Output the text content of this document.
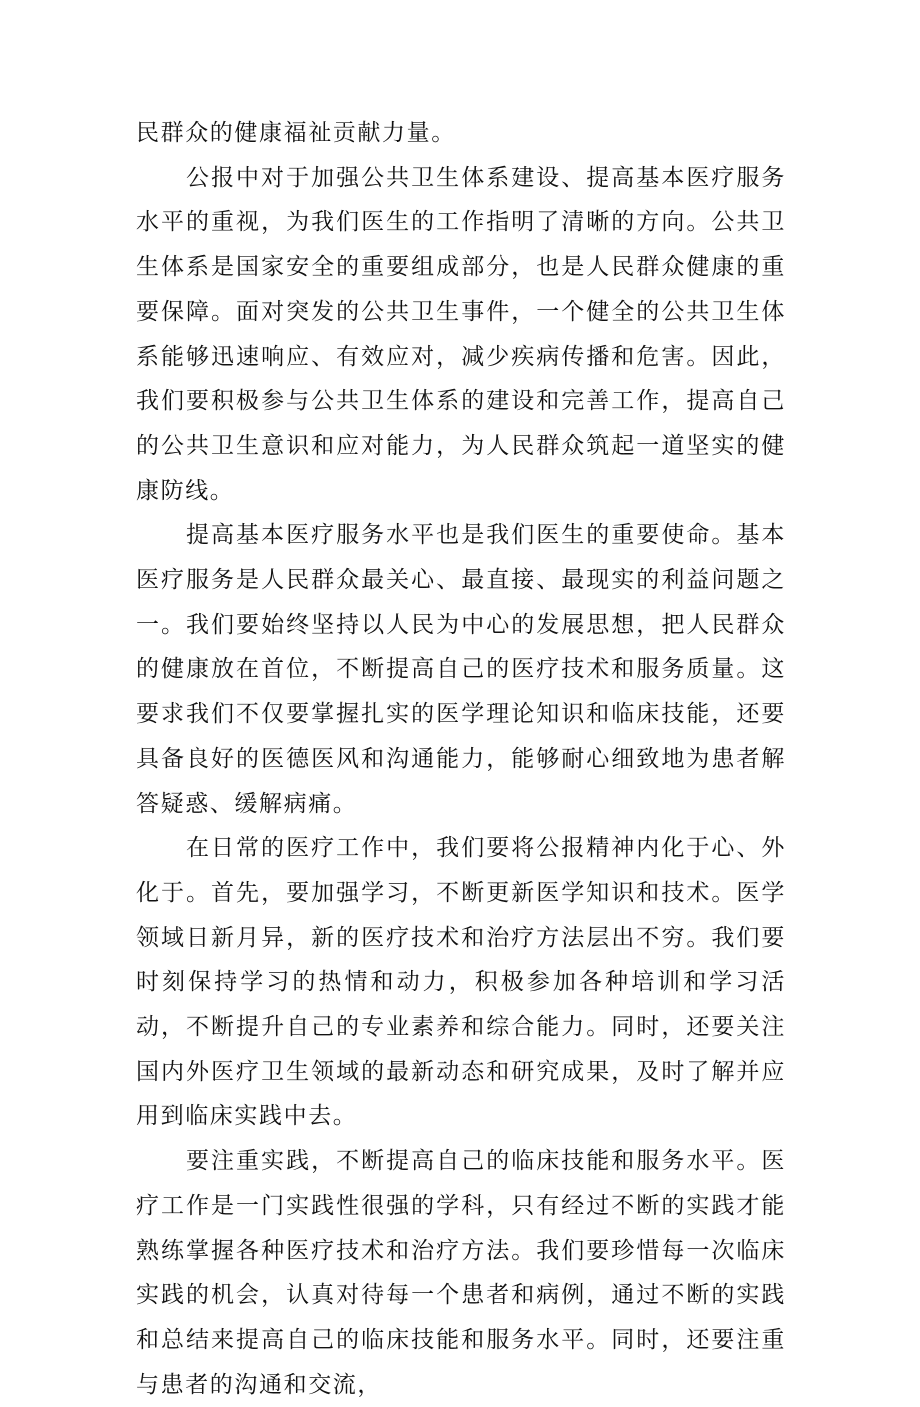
民群众的健康福祉贡献力量。

公报中对于加强公共卫生体系建设、提高基本医疗服务水平的重视，为我们医生的工作指明了清晰的方向。公共卫生体系是国家安全的重要组成部分，也是人民群众健康的重要保障。面对突发的公共卫生事件，一个健全的公共卫生体系能够迅速响应、有效应对，减少疾病传播和危害。因此，我们要积极参与公共卫生体系的建设和完善工作，提高自己的公共卫生意识和应对能力，为人民群众筑起一道坚实的健康防线。

提高基本医疗服务水平也是我们医生的重要使命。基本医疗服务是人民群众最关心、最直接、最现实的利益问题之一。我们要始终坚持以人民为中心的发展思想，把人民群众的健康放在首位，不断提高自己的医疗技术和服务质量。这要求我们不仅要掌握扎实的医学理论知识和临床技能，还要具备良好的医德医风和沟通能力，能够耐心细致地为患者解答疑惑、缓解病痛。

在日常的医疗工作中，我们要将公报精神内化于心、外化于。首先，要加强学习，不断更新医学知识和技术。医学领域日新月异，新的医疗技术和治疗方法层出不穷。我们要时刻保持学习的热情和动力，积极参加各种培训和学习活动，不断提升自己的专业素养和综合能力。同时，还要关注国内外医疗卫生领域的最新动态和研究成果，及时了解并应用到临床实践中去。

要注重实践，不断提高自己的临床技能和服务水平。医疗工作是一门实践性很强的学科，只有经过不断的实践才能熟练掌握各种医疗技术和治疗方法。我们要珍惜每一次临床实践的机会，认真对待每一个患者和病例，通过不断的实践和总结来提高自己的临床技能和服务水平。同时，还要注重与患者的沟通和交流，
